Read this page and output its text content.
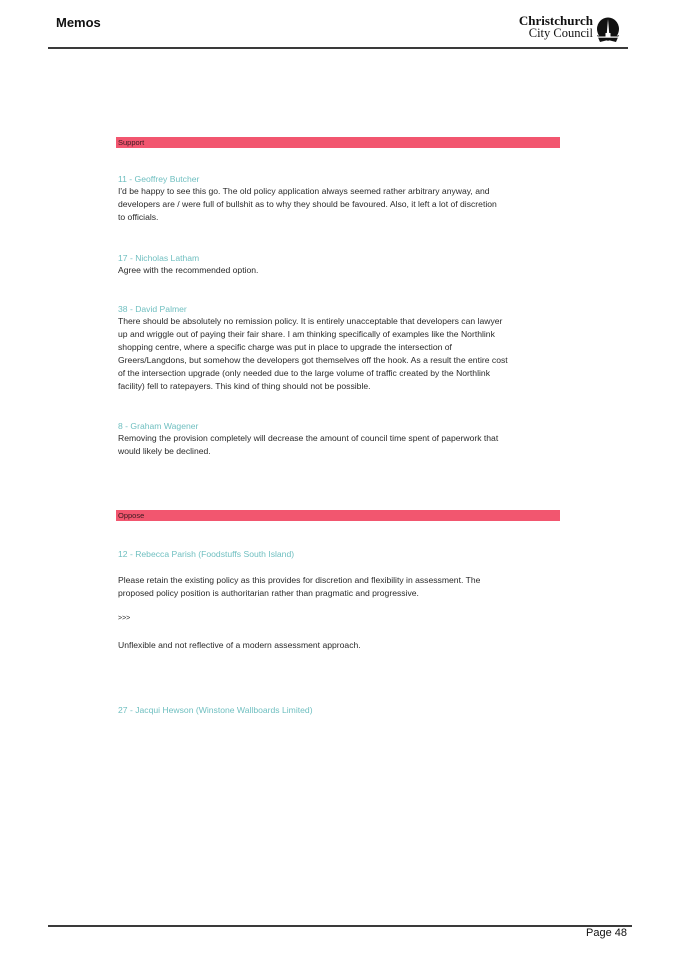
Memos	Christchurch
City Council
Support
11 - Geoffrey Butcher
I'd be happy to see this go. The old policy application always seemed rather arbitrary anyway, and
developers are / were full of bullshit as to why they should be favoured. Also, it left a lot of discretion
to officials.
17 - Nicholas Latham
Agree with the recommended option.
38 - David Palmer
There should be absolutely no remission policy. It is entirely unacceptable that developers can lawyer
up and wriggle out of paying their fair share. I am thinking specifically of examples like the Northlink
shopping centre, where a specific charge was put in place to upgrade the intersection of
Greers/Langdons, but somehow the developers got themselves off the hook. As a result the entire cost
of the intersection upgrade (only needed due to the large volume of traffic created by the Northlink
facility) fell to ratepayers. This kind of thing should not be possible.
8 - Graham Wagener
Removing the provision completely will decrease the amount of council time spent of paperwork that
would likely be declined.
Oppose
12 - Rebecca Parish (Foodstuffs South Island)
Please retain the existing policy as this provides for discretion and flexibility in assessment. The
proposed policy position is authoritarian rather than pragmatic and progressive.
>>>
Unflexible and not reflective of a modern assessment approach.
27 - Jacqui Hewson (Winstone Wallboards Limited)
Page 48
